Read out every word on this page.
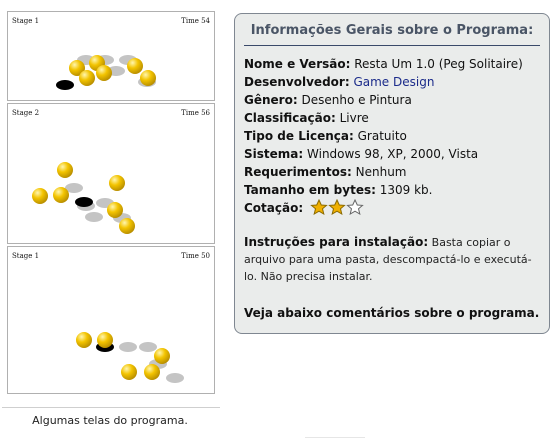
Stage 1	Time 54
Stage 2	Time 56
Stage 1	Time 50
Algumas telas do programa.
Informações Gerais sobre o Programa:
Nome e Versão: Resta Um 1.0 (Peg Solitaire)
Desenvolvedor: Game Design
Gênero: Desenho e Pintura
Classificação: Livre
Tipo de Licença: Gratuito
Sistema: Windows 98, XP, 2000, Vista
Requerimentos: Nenhum
Tamanho em bytes: 1309 kb.
Cotação:
Instruções para instalação: Basta copiar o arquivo para uma pasta, descompactá-lo e executá-lo. Não precisa instalar.
Veja abaixo comentários sobre o programa.
